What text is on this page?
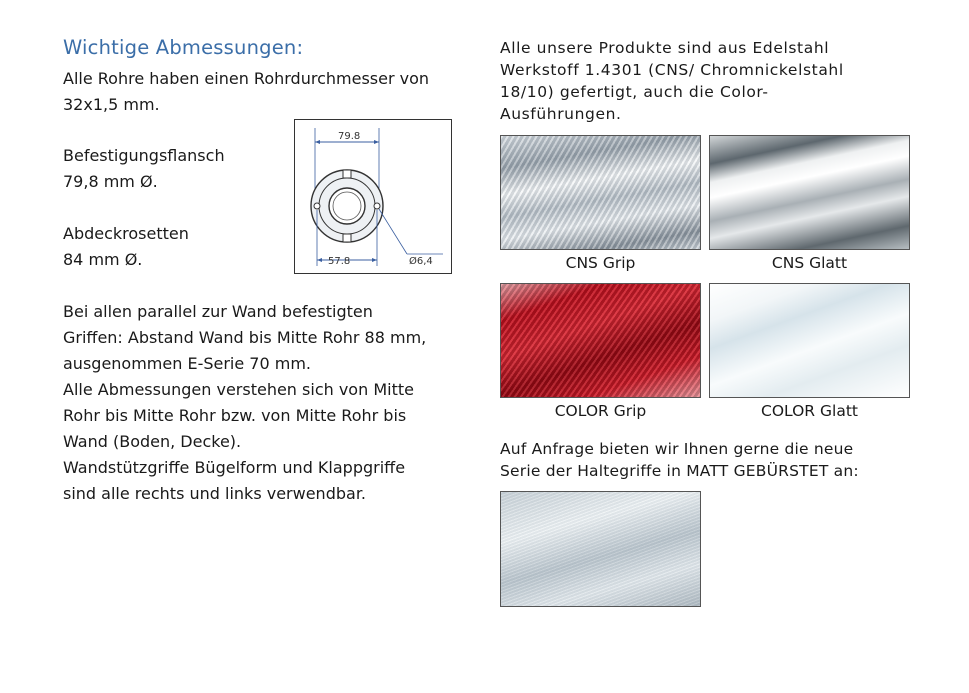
Wichtige Abmessungen:
Alle Rohre haben einen Rohrdurchmesser von
32x1,5 mm.
Befestigungsflansch
79,8 mm Ø.
Abdeckrosetten
84 mm Ø.
Bei allen parallel zur Wand befestigten
Griffen: Abstand Wand bis Mitte Rohr 88 mm,
ausgenommen E-Serie 70 mm.
Alle Abmessungen verstehen sich von Mitte
Rohr bis Mitte Rohr bzw. von Mitte Rohr bis
Wand (Boden, Decke).
Wandstützgriffe Bügelform und Klappgriffe
sind alle rechts und links verwendbar.
79.8
57.8	Ø6,4
Alle unsere Produkte sind aus Edelstahl
Werkstoff 1.4301 (CNS/ Chromnickelstahl
18/10) gefertigt, auch die Color-
Ausführungen.
CNS Grip	CNS Glatt
COLOR Grip	COLOR Glatt
Auf Anfrage bieten wir Ihnen gerne die neue
Serie der Haltegriffe in MATT GEBÜRSTET an:
